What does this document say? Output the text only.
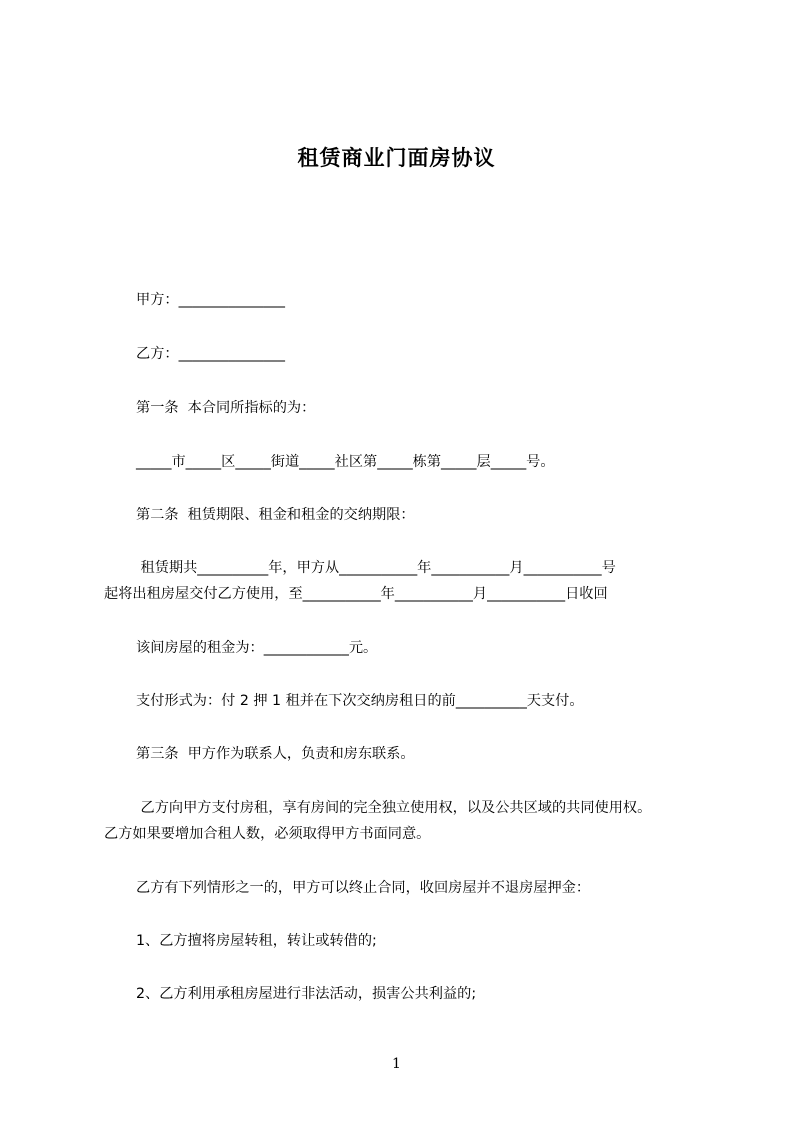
租赁商业门面房协议

甲方：_______________

乙方：_______________

第一条  本合同所指标的为：

_____市_____区_____街道_____社区第_____栋第_____层_____号。

第二条  租赁期限、租金和租金的交纳期限：

租赁期共__________年，甲方从___________年___________月___________号

起将出租房屋交付乙方使用，至___________年___________月___________日收回

该间房屋的租金为：____________元。

支付形式为：付 2 押 1 租并在下次交纳房租日的前__________天支付。

第三条  甲方作为联系人，负责和房东联系。

乙方向甲方支付房租，享有房间的完全独立使用权，以及公共区域的共同使用权。

乙方如果要增加合租人数，必须取得甲方书面同意。

乙方有下列情形之一的，甲方可以终止合同，收回房屋并不退房屋押金：

1、乙方擅将房屋转租，转让或转借的;

2、乙方利用承租房屋进行非法活动，损害公共利益的;

1
